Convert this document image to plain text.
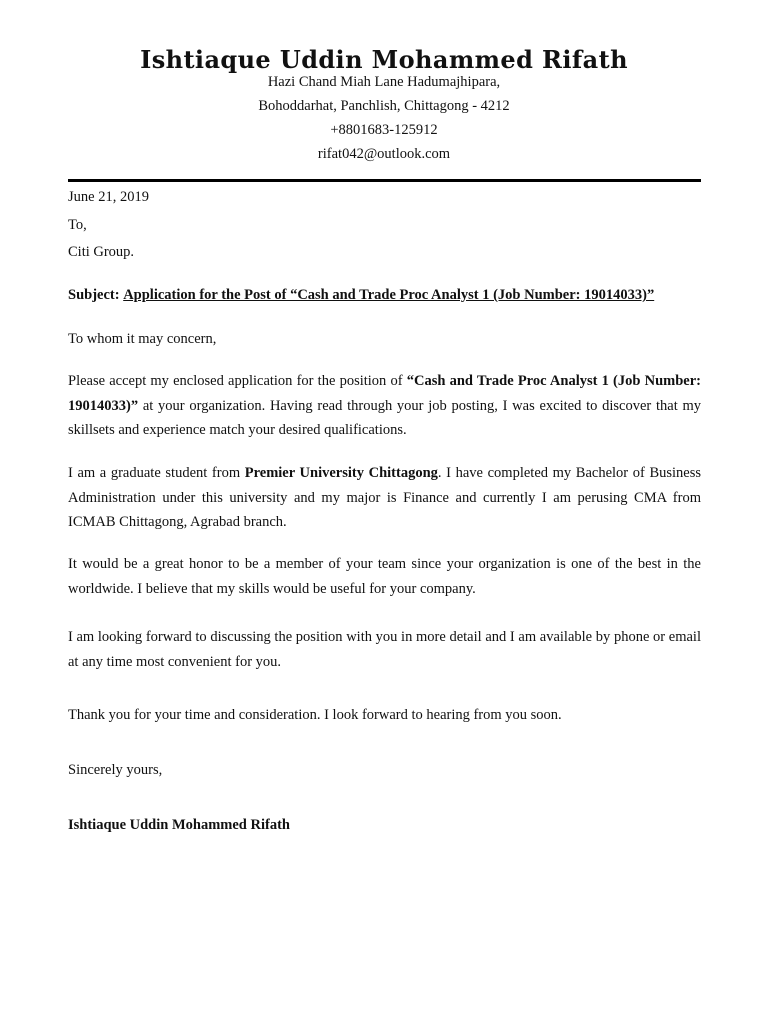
Ishtiaque Uddin Mohammed Rifath
Hazi Chand Miah Lane Hadumajhipara,
Bohoddarhat, Panchlish, Chittagong - 4212
+8801683-125912
rifat042@outlook.com

June 21, 2019

To,

Citi Group.

Subject: Application for the Post of “Cash and Trade Proc Analyst 1 (Job Number: 19014033)”

To whom it may concern,

Please accept my enclosed application for the position of “Cash and Trade Proc Analyst 1 (Job Number: 19014033)” at your organization. Having read through your job posting, I was excited to discover that my skillsets and experience match your desired qualifications.

I am a graduate student from Premier University Chittagong. I have completed my Bachelor of Business Administration under this university and my major is Finance and currently I am perusing CMA from ICMAB Chittagong, Agrabad branch.

It would be a great honor to be a member of your team since your organization is one of the best in the worldwide. I believe that my skills would be useful for your company.

I am looking forward to discussing the position with you in more detail and I am available by phone or email at any time most convenient for you.

Thank you for your time and consideration. I look forward to hearing from you soon.

Sincerely yours,

Ishtiaque Uddin Mohammed Rifath
